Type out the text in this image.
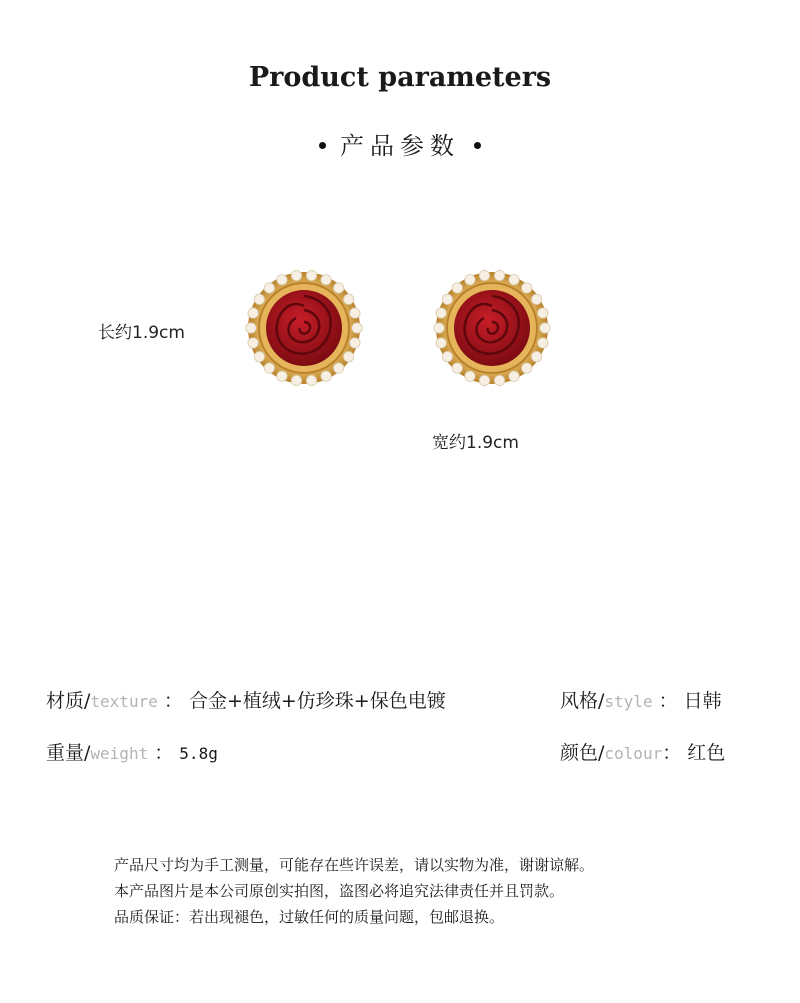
Product parameters
产品参数
长约1.9cm
宽约1.9cm
材质/texture ： 合金+植绒+仿珍珠+保色电镀	风格/style ： 日韩
重量/weight ： 5.8g	颜色/colour： 红色
产品尺寸均为手工测量，可能存在些许误差，请以实物为准，谢谢谅解。
本产品图片是本公司原创实拍图，盗图必将追究法律责任并且罚款。
品质保证：若出现褪色，过敏任何的质量问题，包邮退换。
